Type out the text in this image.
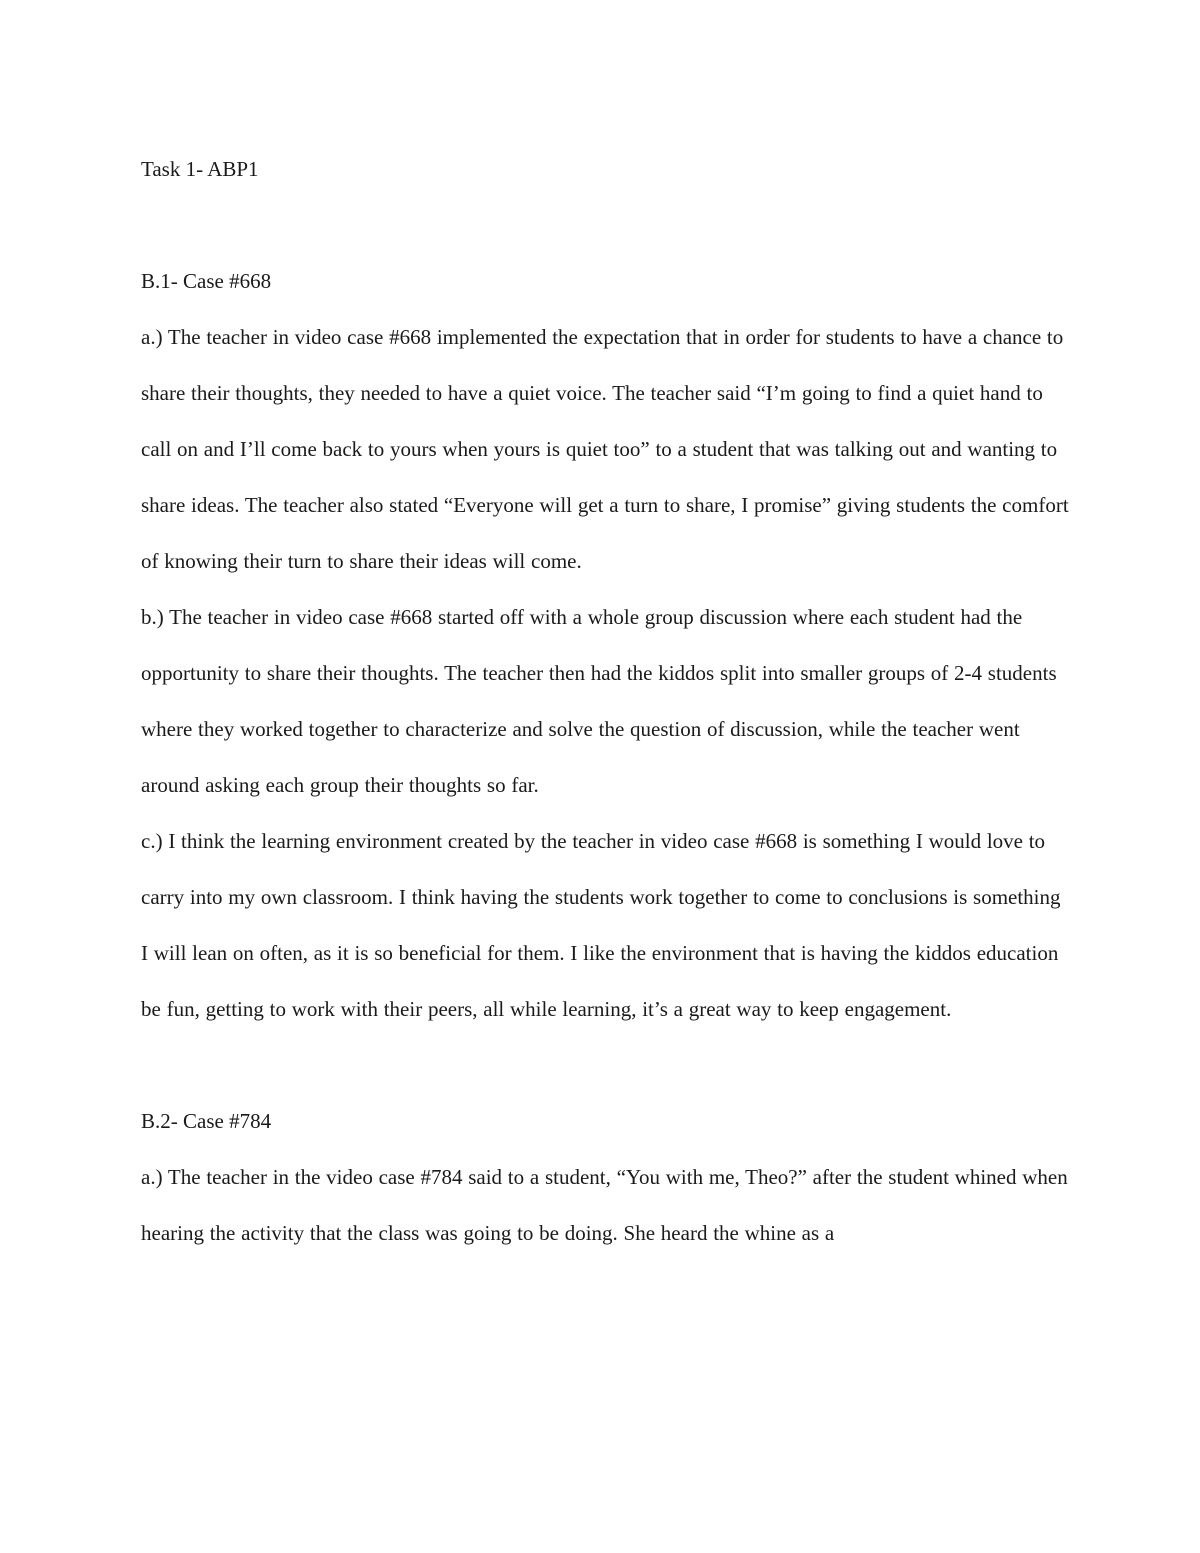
Task 1- ABP1
B.1- Case #668

a.) The teacher in video case #668 implemented the expectation that in order for students to have a chance to share their thoughts, they needed to have a quiet voice. The teacher said “I’m going to find a quiet hand to call on and I’ll come back to yours when yours is quiet too” to a student that was talking out and wanting to share ideas. The teacher also stated “Everyone will get a turn to share, I promise” giving students the comfort of knowing their turn to share their ideas will come.

b.) The teacher in video case #668 started off with a whole group discussion where each student had the opportunity to share their thoughts. The teacher then had the kiddos split into smaller groups of 2-4 students where they worked together to characterize and solve the question of discussion, while the teacher went around asking each group their thoughts so far.

c.) I think the learning environment created by the teacher in video case #668 is something I would love to carry into my own classroom. I think having the students work together to come to conclusions is something I will lean on often, as it is so beneficial for them. I like the environment that is having the kiddos education be fun, getting to work with their peers, all while learning, it’s a great way to keep engagement.

B.2- Case #784

a.) The teacher in the video case #784 said to a student, “You with me, Theo?” after the student whined when hearing the activity that the class was going to be doing. She heard the whine as a
